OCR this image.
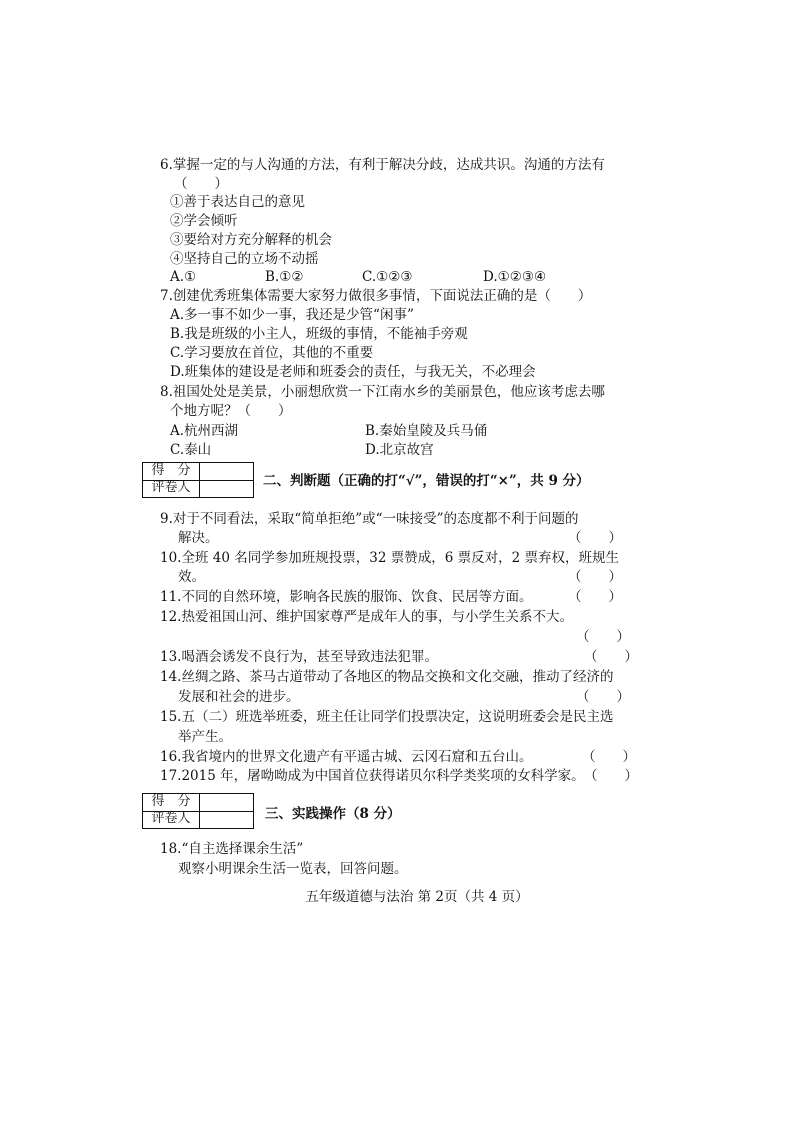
6.掌握一定的与人沟通的方法，有利于解决分歧，达成共识。沟通的方法有
（　　）
①善于表达自己的意见
②学会倾听
③要给对方充分解释的机会
④坚持自己的立场不动摇
A.①	B.①②	C.①②③	D.①②③④
7.创建优秀班集体需要大家努力做很多事情，下面说法正确的是（　　）
A.多一事不如少一事，我还是少管“闲事”
B.我是班级的小主人，班级的事情，不能袖手旁观
C.学习要放在首位，其他的不重要
D.班集体的建设是老师和班委会的责任，与我无关，不必理会
8.祖国处处是美景，小丽想欣赏一下江南水乡的美丽景色，他应该考虑去哪
个地方呢？（　　）
A.杭州西湖	B.秦始皇陵及兵马俑
C.泰山	D.北京故宫
得　分
评卷人	二、判断题（正确的打“√”，错误的打“×”，共 9 分）
9.对于不同看法，采取“简单拒绝”或“一味接受”的态度都不利于问题的
解决。	（　　）
10.全班 40 名同学参加班规投票，32 票赞成，6 票反对，2 票弃权，班规生
效。	（　　）
11.不同的自然环境，影响各民族的服饰、饮食、民居等方面。	（　　）
12.热爱祖国山河、维护国家尊严是成年人的事，与小学生关系不大。
（　　）
13.喝酒会诱发不良行为，甚至导致违法犯罪。	（　　）
14.丝绸之路、茶马古道带动了各地区的物品交换和文化交融，推动了经济的
发展和社会的进步。	（　　）
15.五（二）班选举班委，班主任让同学们投票决定，这说明班委会是民主选
举产生。
16.我省境内的世界文化遗产有平遥古城、云冈石窟和五台山。	（　　）
17.2015 年，屠呦呦成为中国首位获得诺贝尔科学类奖项的女科学家。 （　　）
得　分
评卷人	三、实践操作（8 分）
18.“自主选择课余生活”
观察小明课余生活一览表，回答问题。
五年级道德与法治 第 2页（共 4 页）
